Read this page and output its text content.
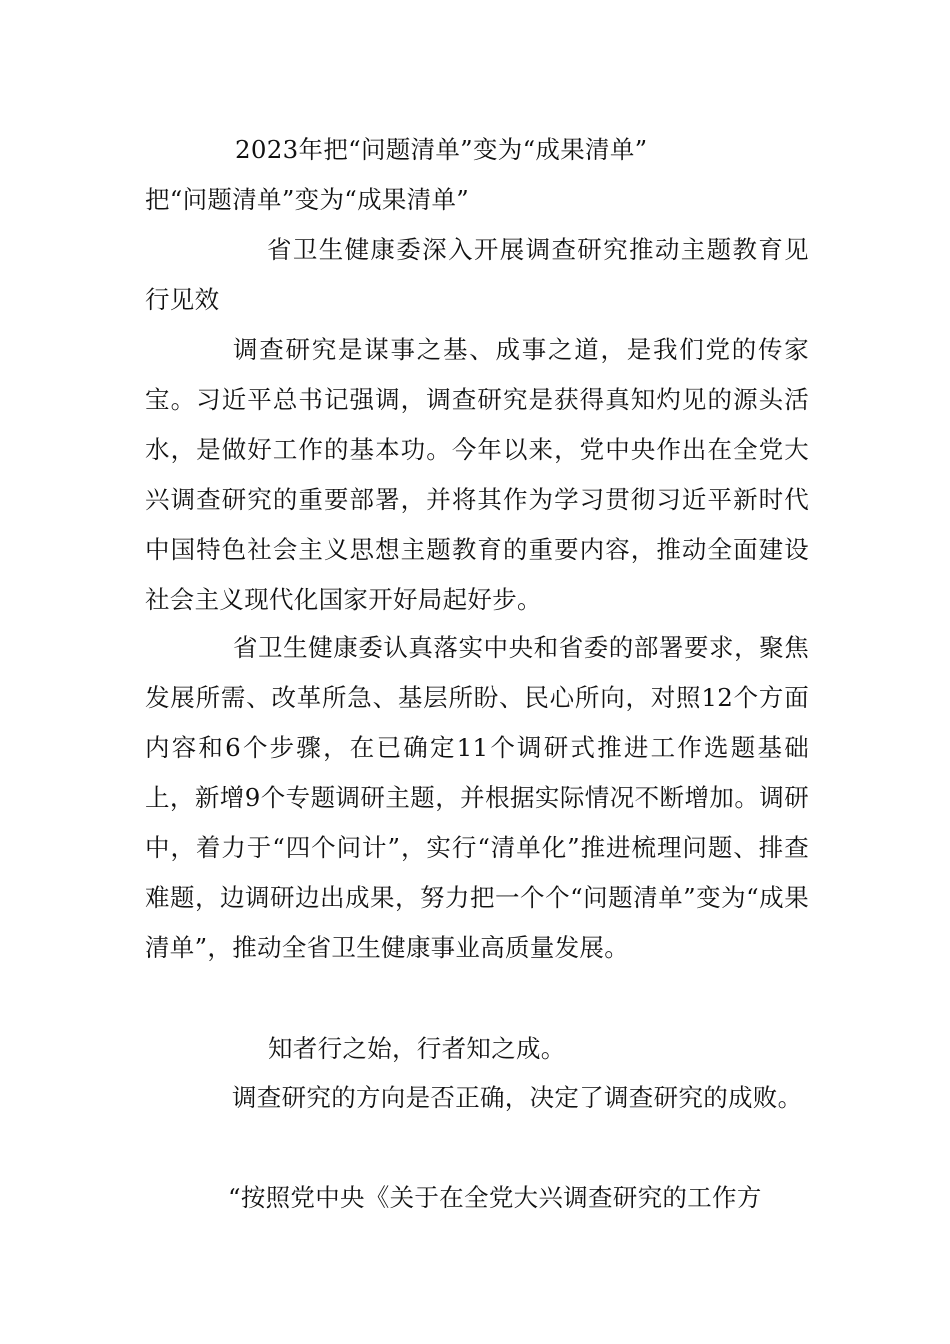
2023年把“问题清单”变为“成果清单”
把“问题清单”变为“成果清单”
省卫生健康委深入开展调查研究推动主题教育见行见效
调查研究是谋事之基、成事之道，是我们党的传家宝。习近平总书记强调，调查研究是获得真知灼见的源头活水，是做好工作的基本功。今年以来，党中央作出在全党大兴调查研究的重要部署，并将其作为学习贯彻习近平新时代中国特色社会主义思想主题教育的重要内容，推动全面建设社会主义现代化国家开好局起好步。
省卫生健康委认真落实中央和省委的部署要求，聚焦发展所需、改革所急、基层所盼、民心所向，对照12个方面内容和6个步骤，在已确定11个调研式推进工作选题基础上，新增9个专题调研主题，并根据实际情况不断增加。调研中，着力于“四个问计”，实行“清单化”推进梳理问题、排查难题，边调研边出成果，努力把一个个“问题清单”变为“成果清单”，推动全省卫生健康事业高质量发展。
知者行之始，行者知之成。
调查研究的方向是否正确，决定了调查研究的成败。
“按照党中央《关于在全党大兴调查研究的工作方
